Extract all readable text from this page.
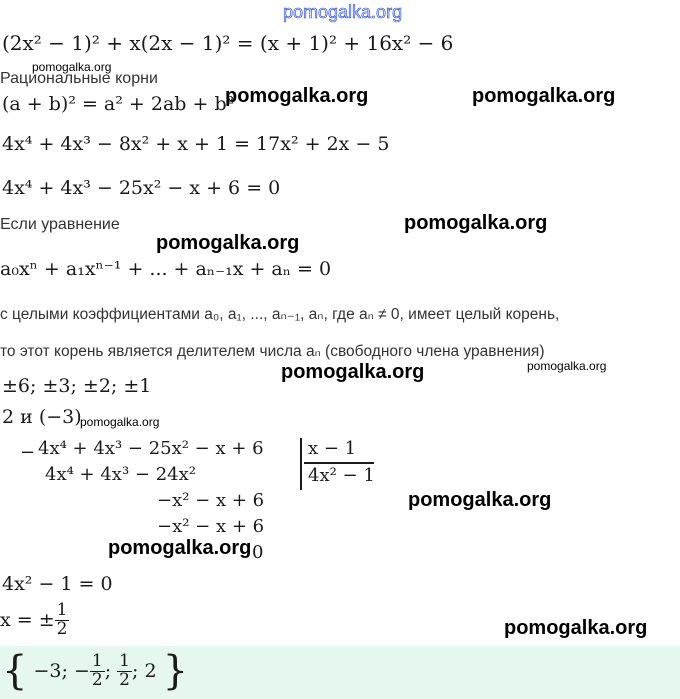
pomogalka.org
pomogalka.org
pomogalka.org	pomogalka.org
pomogalka.org
pomogalka.org
pomogalka.org	pomogalka.org
pomogalka.org
pomogalka.org
pomogalka.org
(2x² − 1)² + x(2x − 1)² = (x + 1)² + 16x² − 6
Рациональные корни
(a + b)² = a² + 2ab + b²
4x⁴ + 4x³ − 8x² + x + 1 = 17x² + 2x − 5
4x⁴ + 4x³ − 25x² − x + 6 = 0
Если уравнение
a₀xⁿ + a₁xⁿ⁻¹ + ... + aₙ₋₁x + aₙ = 0
с целыми коэффициентами a₀, a₁, ..., aₙ₋₁, aₙ, где aₙ ≠ 0, имеет целый корень,
то этот корень является делителем числа aₙ (свободного члена уравнения)
±6; ±3; ±2; ±1
2 и (−3)
pomogalka.org
− 4x⁴ + 4x³ − 25x² − x + 6
4x⁴ + 4x³ − 24x²
−x² − x + 6
−x² − x + 6
0
x − 1
4x² − 1
4x² − 1 = 0
x = ± $\frac{1}{2}$
{ −3; − $\frac{1}{2}$ ; $\frac{1}{2}$ ; 2 }
